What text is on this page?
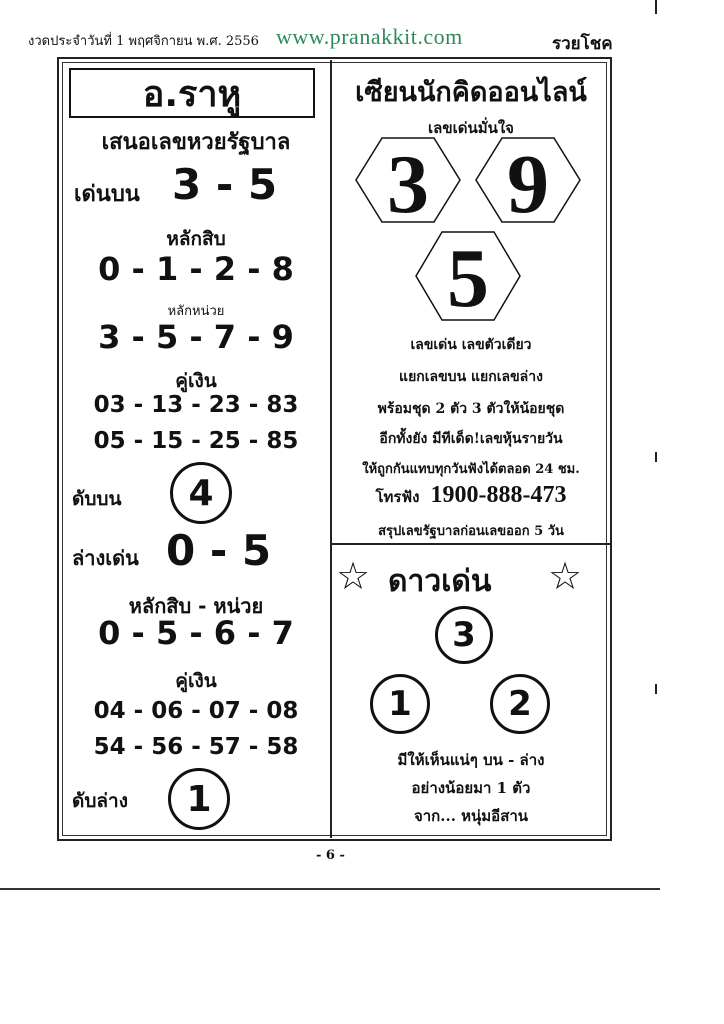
งวดประจำวันที่ 1 พฤศจิกายน พ.ศ. 2556 www.pranakkit.com	รวยโชค
อ.ราหู
เสนอเลขหวยรัฐบาล
เด่นบน 3 - 5
หลักสิบ
0 - 1 - 2 - 8
หลักหน่วย
3 - 5 - 7 - 9
คู่เงิน
03 - 13 - 23 - 83
05 - 15 - 25 - 85
ดับบน 4
ล่างเด่น 0 - 5
หลักสิบ - หน่วย
0 - 5 - 6 - 7
คู่เงิน
04 - 06 - 07 - 08
54 - 56 - 57 - 58
ดับล่าง 1
เซียนนักคิดออนไลน์
เลขเด่นมั่นใจ
3 9
5
เลขเด่น เลขตัวเดียว
แยกเลขบน แยกเลขล่าง
พร้อมชุด 2 ตัว 3 ตัวให้น้อยชุด
อีกทั้งยัง มีทีเด็ด!เลขหุ้นรายวัน
ให้ถูกกันแทบทุกวันฟังได้ตลอด 24 ชม.
โทรฟัง 1900-888-473
สรุปเลขรัฐบาลก่อนเลขออก 5 วัน
☆ ดาวเด่น ☆
3
1	2
มีให้เห็นแน่ๆ บน - ล่าง
อย่างน้อยมา 1 ตัว
จาก... หนุ่มอีสาน
- 6 -
